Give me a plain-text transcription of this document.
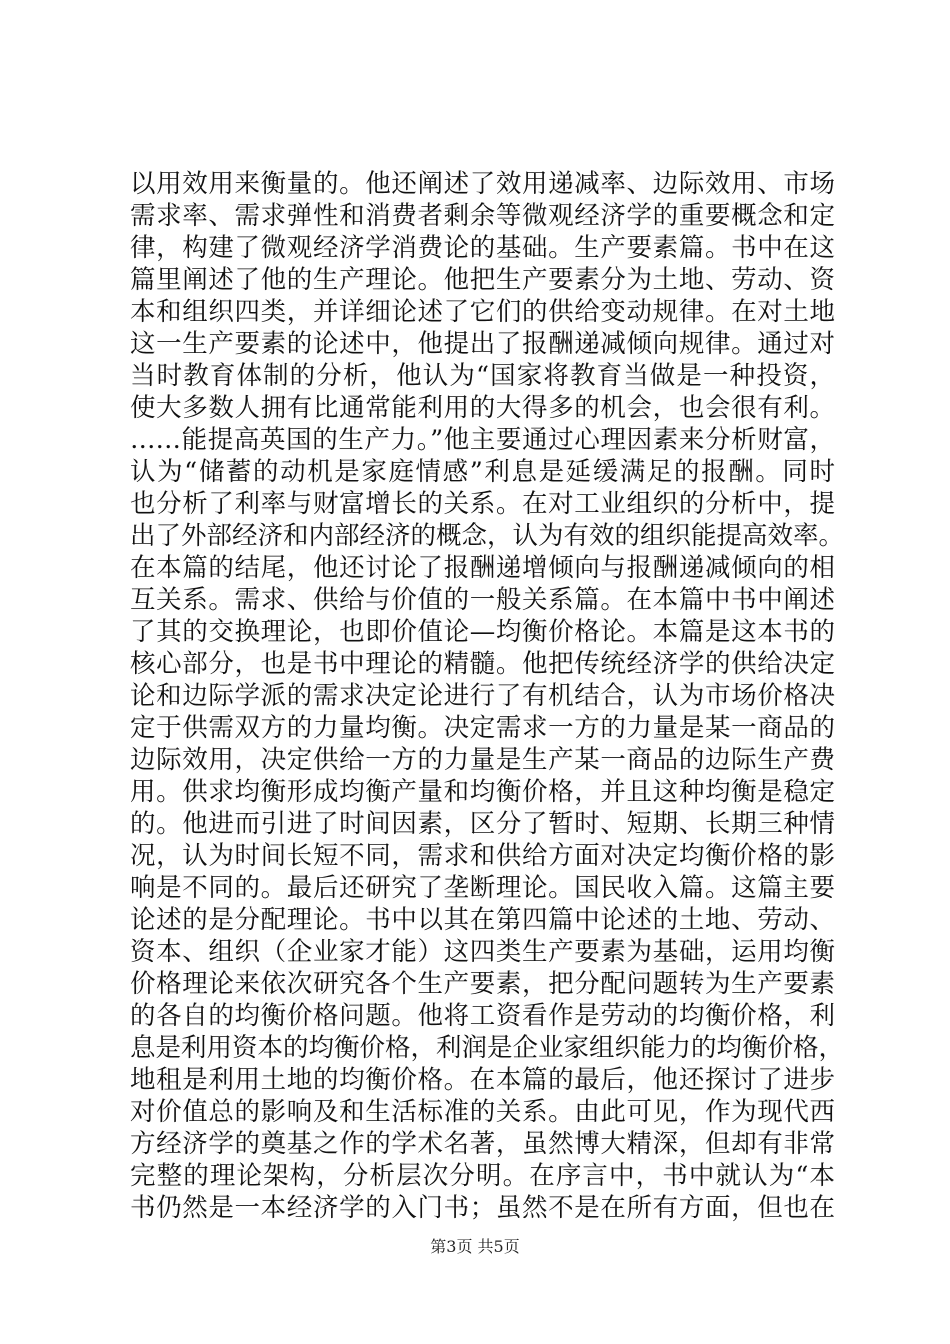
以用效用来衡量的。他还阐述了效用递减率、边际效用、市场
需求率、需求弹性和消费者剩余等微观经济学的重要概念和定
律，构建了微观经济学消费论的基础。生产要素篇。书中在这
篇里阐述了他的生产理论。他把生产要素分为土地、劳动、资
本和组织四类，并详细论述了它们的供给变动规律。在对土地
这一生产要素的论述中，他提出了报酬递减倾向规律。通过对
当时教育体制的分析，他认为“国家将教育当做是一种投资，
使大多数人拥有比通常能利用的大得多的机会，也会很有利。
……能提高英国的生产力。”他主要通过心理因素来分析财富，
认为“储蓄的动机是家庭情感”利息是延缓满足的报酬。同时
也分析了利率与财富增长的关系。在对工业组织的分析中，提
出了外部经济和内部经济的概念，认为有效的组织能提高效率。
在本篇的结尾，他还讨论了报酬递增倾向与报酬递减倾向的相
互关系。需求、供给与价值的一般关系篇。在本篇中书中阐述
了其的交换理论，也即价值论—均衡价格论。本篇是这本书的
核心部分，也是书中理论的精髓。他把传统经济学的供给决定
论和边际学派的需求决定论进行了有机结合，认为市场价格决
定于供需双方的力量均衡。决定需求一方的力量是某一商品的
边际效用，决定供给一方的力量是生产某一商品的边际生产费
用。供求均衡形成均衡产量和均衡价格，并且这种均衡是稳定
的。他进而引进了时间因素，区分了暂时、短期、长期三种情
况，认为时间长短不同，需求和供给方面对决定均衡价格的影
响是不同的。最后还研究了垄断理论。国民收入篇。这篇主要
论述的是分配理论。书中以其在第四篇中论述的土地、劳动、
资本、组织（企业家才能）这四类生产要素为基础，运用均衡
价格理论来依次研究各个生产要素，把分配问题转为生产要素
的各自的均衡价格问题。他将工资看作是劳动的均衡价格，利
息是利用资本的均衡价格，利润是企业家组织能力的均衡价格，
地租是利用土地的均衡价格。在本篇的最后，他还探讨了进步
对价值总的影响及和生活标准的关系。由此可见，作为现代西
方经济学的奠基之作的学术名著，虽然博大精深，但却有非常
完整的理论架构，分析层次分明。在序言中，书中就认为“本
书仍然是一本经济学的入门书；虽然不是在所有方面，但也在
第3页 共5页
